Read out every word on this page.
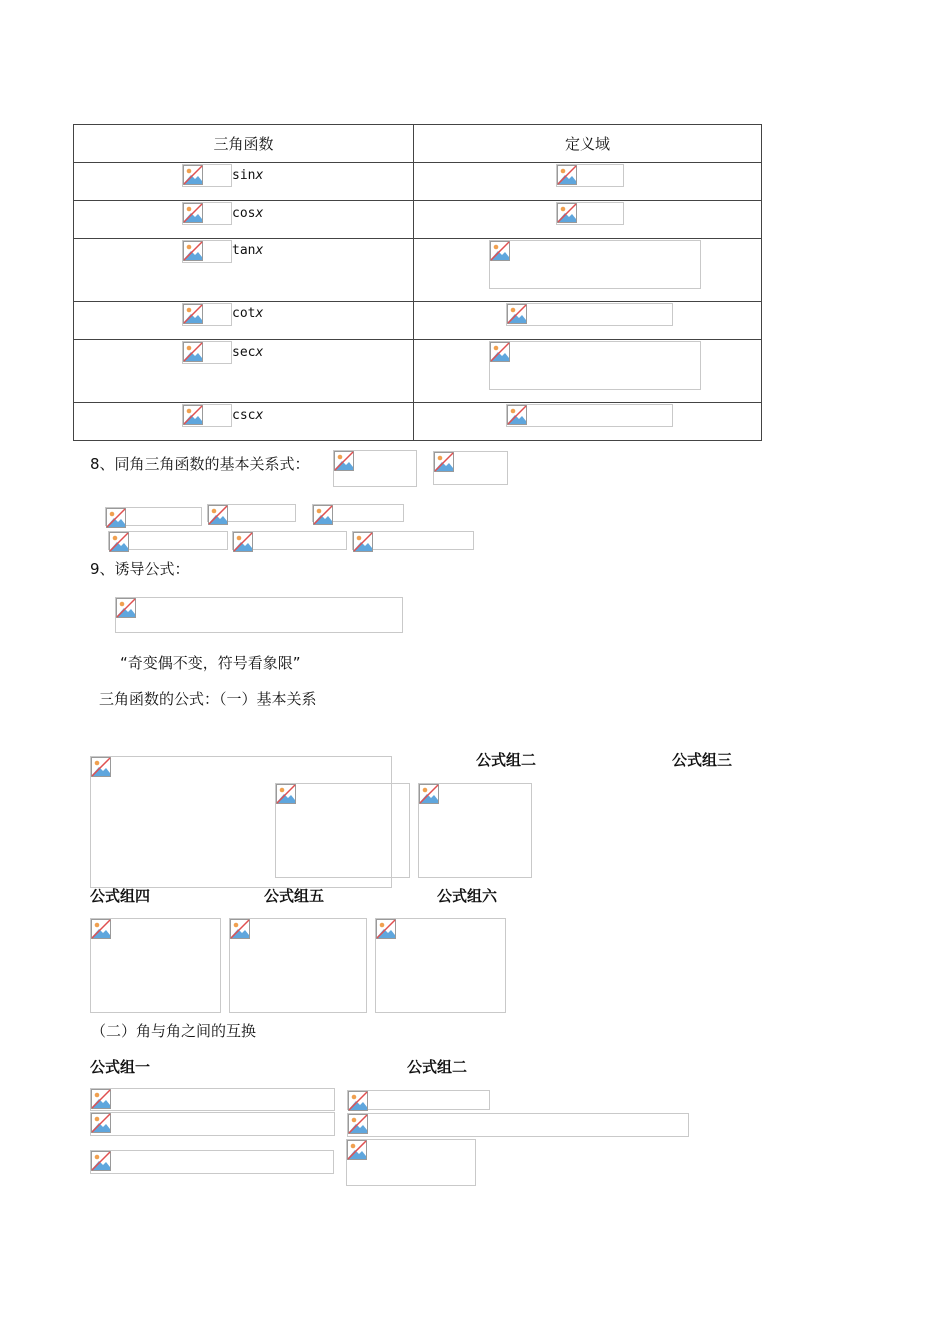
三角函数	定义域

sinx

cosx

tanx

cotx

secx

cscx

8、同角三角函数的基本关系式：
9、诱导公式：
“奇变偶不变，符号看象限”
三角函数的公式：（一）基本关系
公式组二	公式组三
公式组四	公式组五	公式组六
（二）角与角之间的互换
公式组一	公式组二
